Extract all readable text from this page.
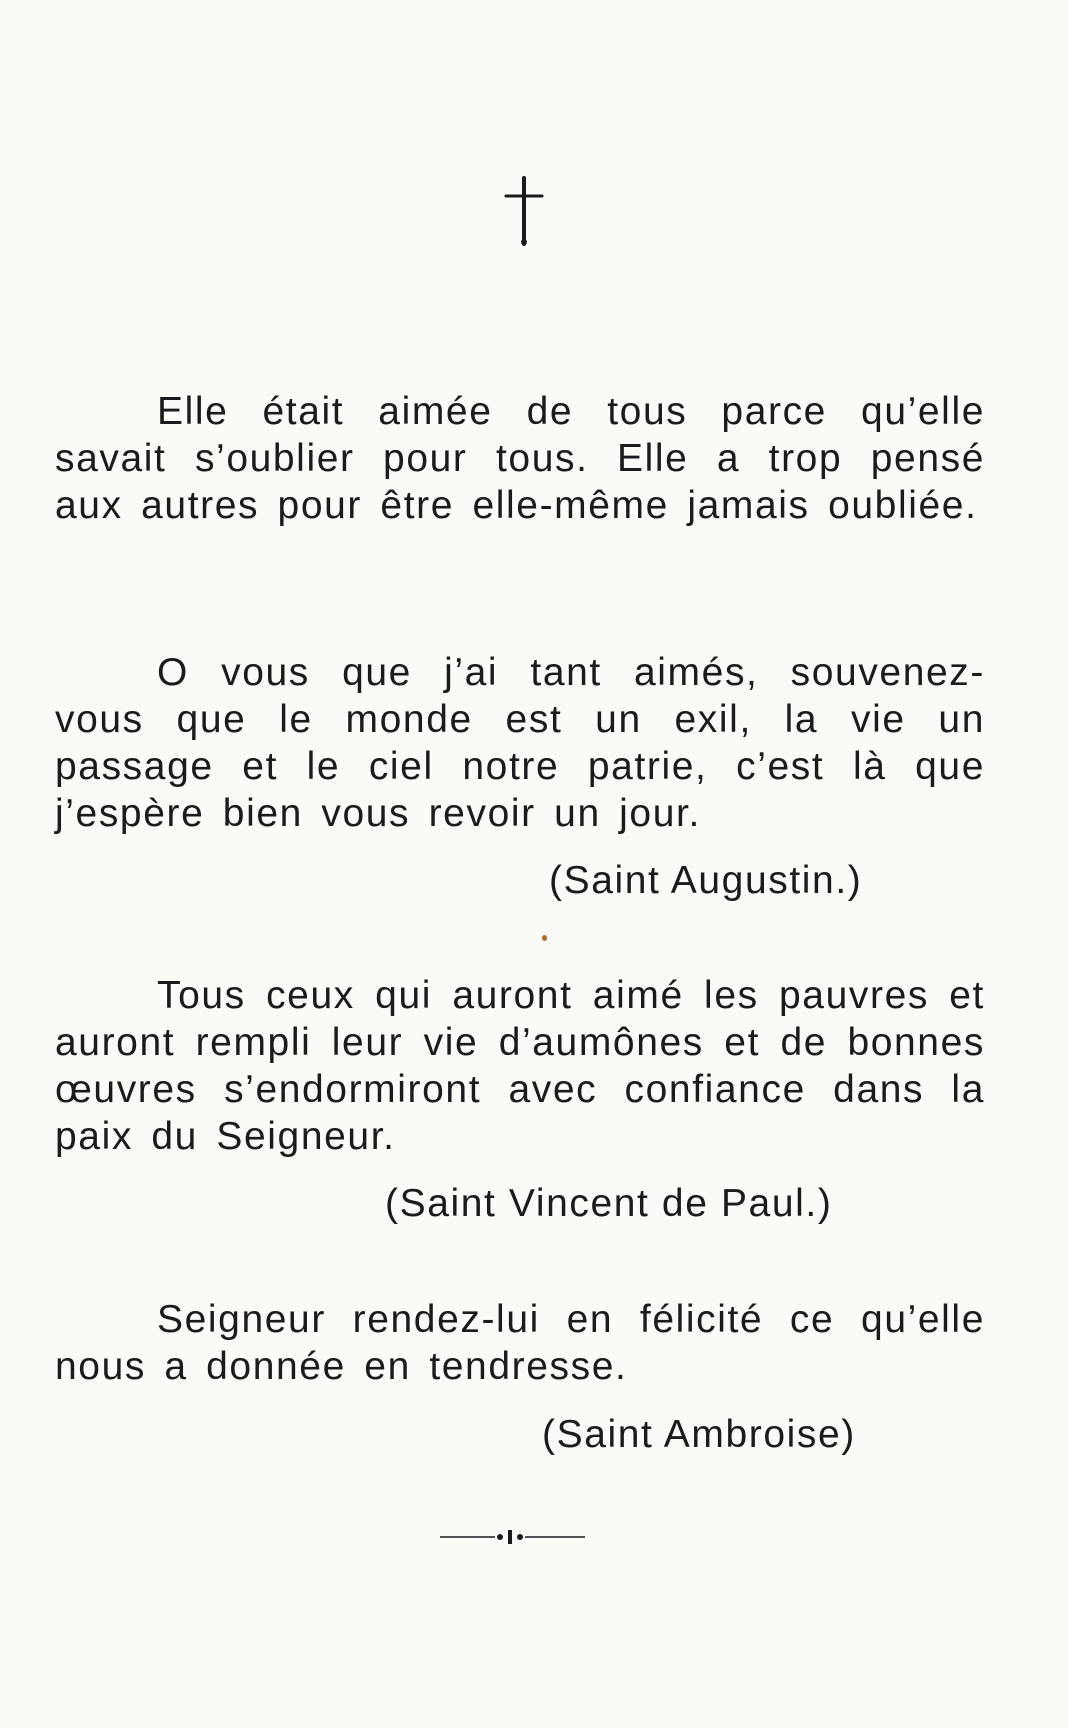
Elle était aimée de tous parce qu’elle savait s’oublier pour tous. Elle a trop pensé aux autres pour être elle-même jamais oubliée.

O vous que j’ai tant aimés, souvenez-vous que le monde est un exil, la vie un passage et le ciel notre patrie, c’est là que j’espère bien vous revoir un jour.

(Saint Augustin.)

Tous ceux qui auront aimé les pauvres et auront rempli leur vie d’aumônes et de bonnes œuvres s’endormiront avec confiance dans la paix du Seigneur.

(Saint Vincent de Paul.)

Seigneur rendez-lui en félicité ce qu’elle nous a donnée en tendresse.

(Saint Ambroise)
